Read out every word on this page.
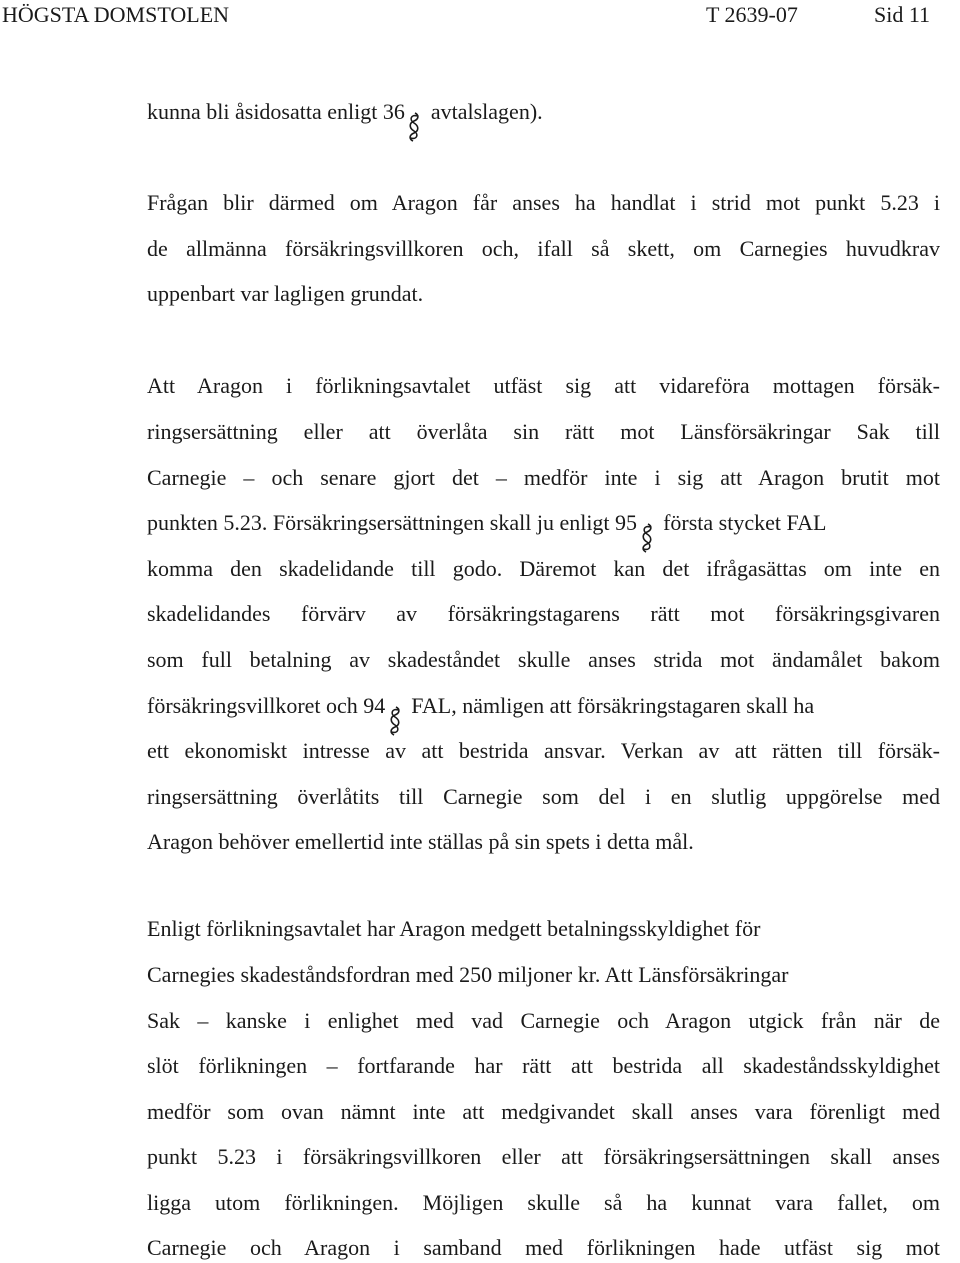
HÖGSTA DOMSTOLEN	T 2639-07	Sid 11
kunna bli åsidosatta enligt 36 avtalslagen).
Frågan blir därmed om Aragon får anses ha handlat i strid mot punkt 5.23 i
de allmänna försäkringsvillkoren och, ifall så skett, om Carnegies huvudkrav
uppenbart var lagligen grundat.
Att Aragon i förlikningsavtalet utfäst sig att vidareföra mottagen försäk-
ringsersättning eller att överlåta sin rätt mot Länsförsäkringar Sak till
Carnegie – och senare gjort det – medför inte i sig att Aragon brutit mot
punkten 5.23. Försäkringsersättningen skall ju enligt 95 första stycket FAL
komma den skadelidande till godo. Däremot kan det ifrågasättas om inte en
skadelidandes förvärv av försäkringstagarens rätt mot försäkringsgivaren
som full betalning av skadeståndet skulle anses strida mot ändamålet bakom
försäkringsvillkoret och 94 FAL, nämligen att försäkringstagaren skall ha
ett ekonomiskt intresse av att bestrida ansvar. Verkan av att rätten till försäk-
ringsersättning överlåtits till Carnegie som del i en slutlig uppgörelse med
Aragon behöver emellertid inte ställas på sin spets i detta mål.
Enligt förlikningsavtalet har Aragon medgett betalningsskyldighet för
Carnegies skadeståndsfordran med 250 miljoner kr. Att Länsförsäkringar
Sak – kanske i enlighet med vad Carnegie och Aragon utgick från när de
slöt förlikningen – fortfarande har rätt att bestrida all skadeståndsskyldighet
medför som ovan nämnt inte att medgivandet skall anses vara förenligt med
punkt 5.23 i försäkringsvillkoren eller att försäkringsersättningen skall anses
ligga utom förlikningen. Möjligen skulle så ha kunnat vara fallet, om
Carnegie och Aragon i samband med förlikningen hade utfäst sig mot
